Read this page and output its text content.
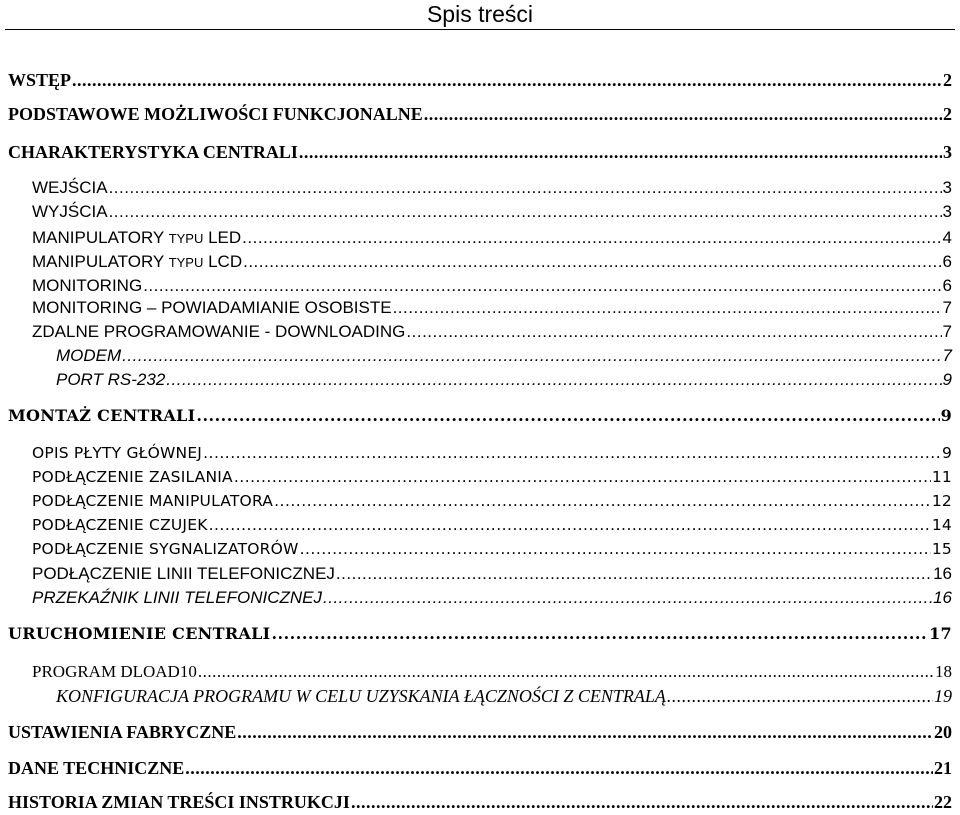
Spis treści
WSTĘP .....	2
PODSTAWOWE MOŻLIWOŚCI FUNKCJONALNE .....	2
CHARAKTERYSTYKA CENTRALI .....	3
WEJŚCIA .....	3
WYJŚCIA .....	3
MANIPULATORY TYPU LED .....	4
MANIPULATORY TYPU LCD .....	6
MONITORING .....	6
MONITORING – POWIADAMIANIE OSOBISTE .....	7
ZDALNE PROGRAMOWANIE - DOWNLOADING .....	7
MODEM .....	7
PORT RS-232 .....	9
MONTAŻ CENTRALI .....	9
OPIS PŁYTY GŁÓWNEJ .....	9
PODŁĄCZENIE ZASILANIA .....	11
PODŁĄCZENIE MANIPULATORA .....	12
PODŁĄCZENIE CZUJEK .....	14
PODŁĄCZENIE SYGNALIZATORÓW .....	15
PODŁĄCZENIE LINII TELEFONICZNEJ .....	16
PRZEKAŹNIK LINII TELEFONICZNEJ .....	16
URUCHOMIENIE CENTRALI .....	17
PROGRAM DLOAD10 .....	18
KONFIGURACJA PROGRAMU W CELU UZYSKANIA ŁĄCZNOŚCI Z CENTRALĄ .....	19
USTAWIENIA FABRYCZNE .....	20
DANE TECHNICZNE .....	21
HISTORIA ZMIAN TREŚCI INSTRUKCJI .....	22
